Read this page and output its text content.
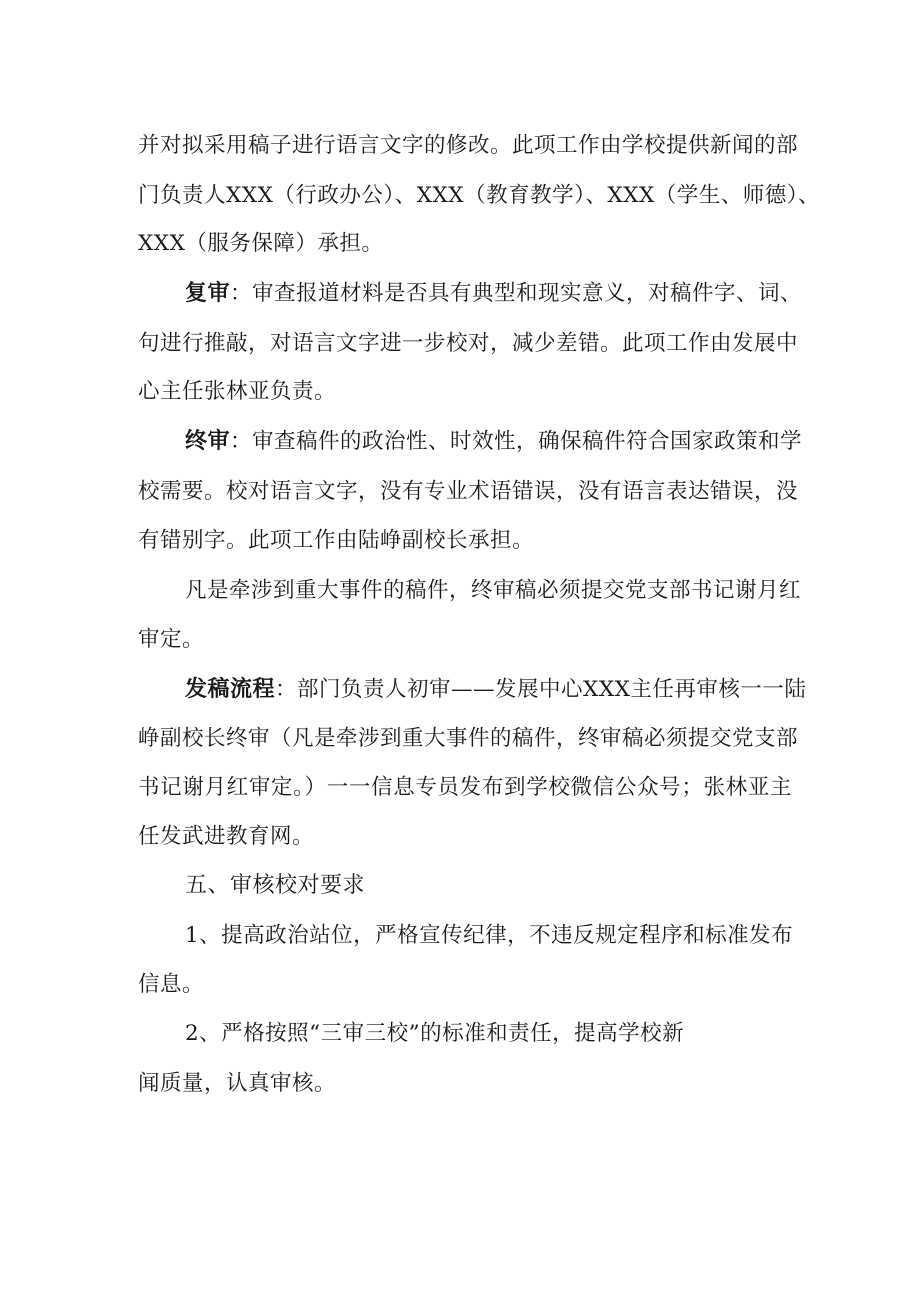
并对拟采用稿子进行语言文字的修改。此项工作由学校提供新闻的部
门负责人XXX（行政办公）、XXX（教育教学）、XXX（学生、师德）、
XXX（服务保障）承担。
复审：审查报道材料是否具有典型和现实意义，对稿件字、词、
句进行推敲，对语言文字进一步校对，减少差错。此项工作由发展中
心主任张林亚负责。
终审：审查稿件的政治性、时效性，确保稿件符合国家政策和学
校需要。校对语言文字，没有专业术语错误，没有语言表达错误，没
有错别字。此项工作由陆峥副校长承担。
凡是牵涉到重大事件的稿件，终审稿必须提交党支部书记谢月红
审定。
发稿流程：部门负责人初审——发展中心XXX主任再审核一一陆
峥副校长终审（凡是牵涉到重大事件的稿件，终审稿必须提交党支部
书记谢月红审定。）一一信息专员发布到学校微信公众号；张林亚主
任发武进教育网。
五、审核校对要求
1、提高政治站位，严格宣传纪律，不违反规定程序和标准发布
信息。
2、严格按照“三审三校”的标准和责任，提高学校新
闻质量，认真审核。
